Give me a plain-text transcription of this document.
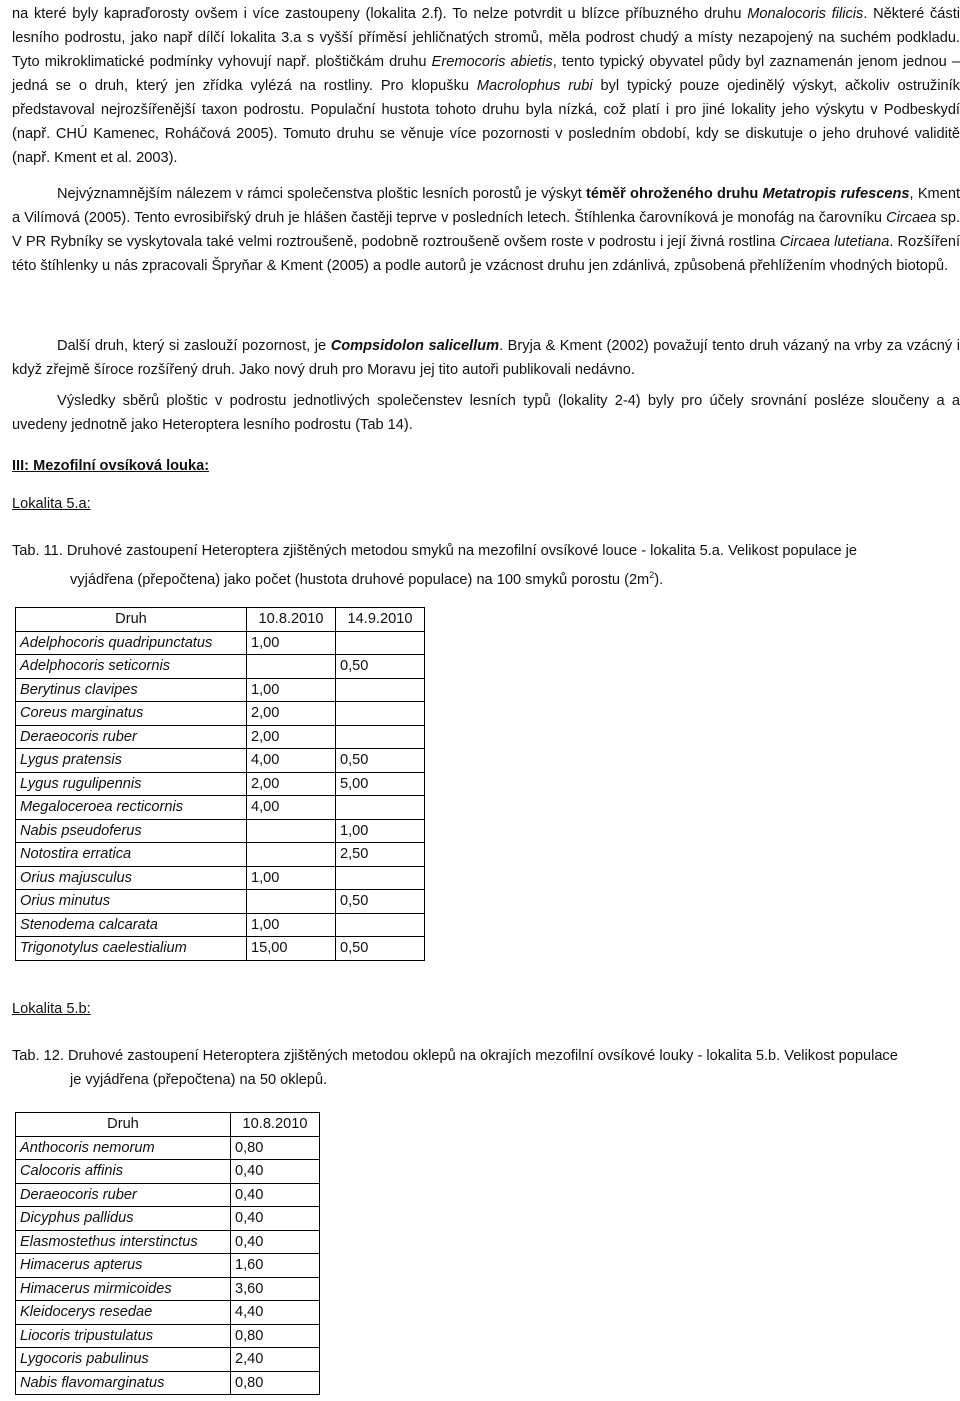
na které byly kapraďorosty ovšem i více zastoupeny (lokalita 2.f). To nelze potvrdit u blízce příbuzného druhu Monalocoris filicis. Některé části lesního podrostu, jako např dílčí lokalita 3.a s vyšší příměsí jehličnatých stromů, měla podrost chudý a místy nezapojený na suchém podkladu. Tyto mikroklimatické podmínky vyhovují např. ploštičkám druhu Eremocoris abietis, tento typický obyvatel půdy byl zaznamenán jenom jednou – jedná se o druh, který jen zřídka vylézá na rostliny. Pro klopušku Macrolophus rubi byl typický pouze ojedinělý výskyt, ačkoliv ostružiník představoval nejrozšířenější taxon podrostu. Populační hustota tohoto druhu byla nízká, což platí i pro jiné lokality jeho výskytu v Podbeskydí (např. CHÚ Kamenec, Roháčová 2005). Tomuto druhu se věnuje více pozornosti v posledním období, kdy se diskutuje o jeho druhové validitě (např. Kment et al. 2003).

Nejvýznamnějším nálezem v rámci společenstva ploštic lesních porostů je výskyt téměř ohroženého druhu Metatropis rufescens, Kment a Vilímová (2005). Tento evrosibiřský druh je hlášen častěji teprve v posledních letech. Štíhlenka čarovníková je monofág na čarovníku Circaea sp. V PR Rybníky se vyskytovala také velmi roztroušeně, podobně roztroušeně ovšem roste v podrostu i její živná rostlina Circaea lutetiana. Rozšíření této štíhlenky u nás zpracovali Špryňar & Kment (2005) a podle autorů je vzácnost druhu jen zdánlivá, způsobená přehlížením vhodných biotopů.

Další druh, který si zaslouží pozornost, je Compsidolon salicellum. Bryja & Kment (2002) považují tento druh vázaný na vrby za vzácný i když zřejmě šíroce rozšířený druh. Jako nový druh pro Moravu jej tito autoři publikovali nedávno.

Výsledky sběrů ploštic v podrostu jednotlivých společenstev lesních typů (lokality 2-4) byly pro účely srovnání posléze sloučeny a a uvedeny jednotně jako Heteroptera lesního podrostu (Tab 14).

III: Mezofilní ovsíková louka:
Lokalita 5.a:
Tab. 11. Druhové zastoupení Heteroptera zjištěných metodou smyků na mezofilní ovsíkové louce - lokalita 5.a. Velikost populace je
vyjádřena (přepočtena) jako počet (hustota druhové populace) na 100 smyků porostu $(2m^2)$.
Druh	10.8.2010	14.9.2010
Adelphocoris quadripunctatus	1,00	
Adelphocoris seticornis		0,50
Berytinus clavipes	1,00	
Coreus marginatus	2,00	
Deraeocoris ruber	2,00	
Lygus pratensis	4,00	0,50
Lygus rugulipennis	2,00	5,00
Megaloceroea recticornis	4,00	
Nabis pseudoferus		1,00
Notostira erratica		2,50
Orius majusculus	1,00	
Orius minutus		0,50
Stenodema calcarata	1,00	
Trigonotylus caelestialium	15,00	0,50
Lokalita 5.b:
Tab. 12. Druhové zastoupení Heteroptera zjištěných metodou oklepů na okrajích mezofilní ovsíkové louky - lokalita 5.b. Velikost populace
je vyjádřena (přepočtena) na 50 oklepů.
Druh	10.8.2010
Anthocoris nemorum	0,80
Calocoris affinis	0,40
Deraeocoris ruber	0,40
Dicyphus pallidus	0,40
Elasmostethus interstinctus	0,40
Himacerus apterus	1,60
Himacerus mirmicoides	3,60
Kleidocerys resedae	4,40
Liocoris tripustulatus	0,80
Lygocoris pabulinus	2,40
Nabis flavomarginatus	0,80
